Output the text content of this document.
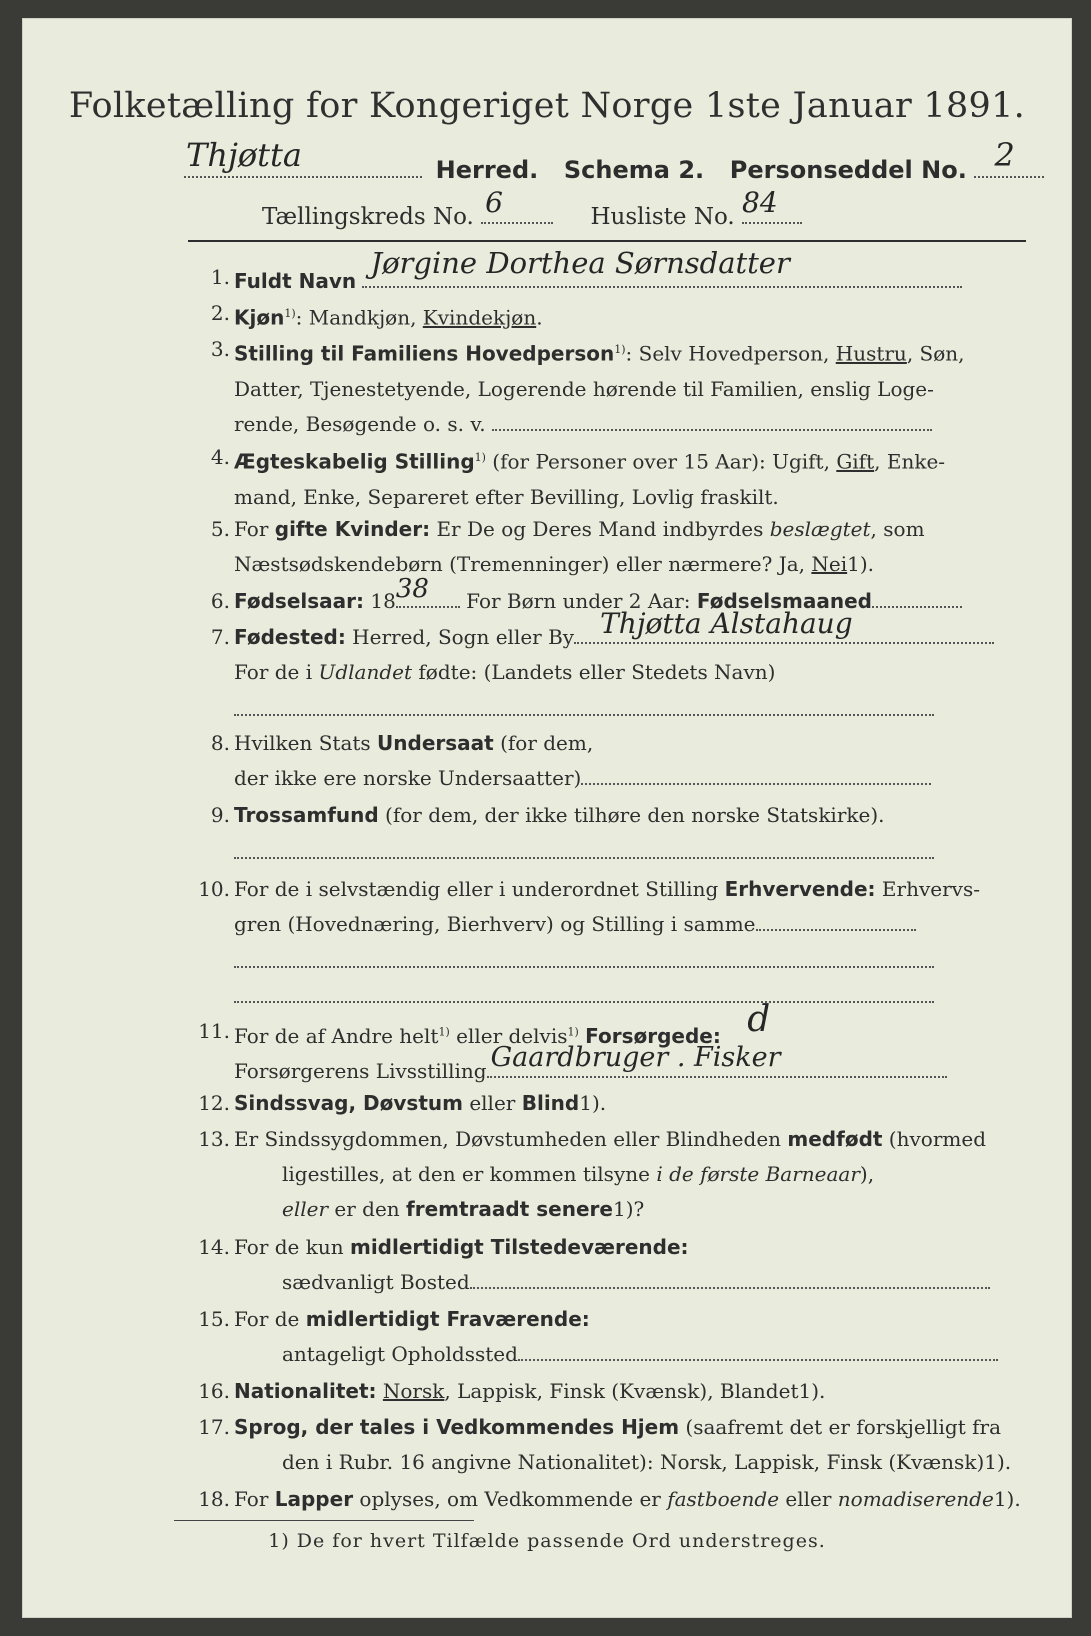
Folketælling for Kongeriget Norge 1ste Januar 1891.
Thjøtta	Herred. Schema 2. Personseddel No. 2
Tællingskreds No. 6	Husliste No. 84
1. Fuldt Navn
Jørgine Dorthea Sørnsdatter
2. Kjøn$^{1)}$: Mandkjøn, Kvindekjøn.
3. Stilling til Familiens Hovedperson$^{1)}$: Selv Hovedperson, Hustru, Søn,
Datter, Tjenestetyende, Logerende hørende til Familien, enslig Loge-
rende, Besøgende o. s. v.
4. Ægteskabelig Stilling$^{1)}$ (for Personer over 15 Aar): Ugift, Gift, Enke-
mand, Enke, Separeret efter Bevilling, Lovlig fraskilt.
5. For gifte Kvinder: Er De og Deres Mand indbyrdes beslægtet, som
Næstsødskendebørn (Tremenninger) eller nærmere? Ja, Nei1).
6. Fødselsaar: 18 38 For Børn under 2 Aar: Fødselsmaaned
7. Fødested: Herred, Sogn eller By Thjøtta Alstahaug
For de i Udlandet fødte: (Landets eller Stedets Navn)
8. Hvilken Stats Undersaat (for dem,
der ikke ere norske Undersaatter)
9. Trossamfund (for dem, der ikke tilhøre den norske Statskirke).
10. For de i selvstændig eller i underordnet Stilling Erhvervende: Erhvervs-
gren (Hovednæring, Bierhverv) og Stilling i samme
11. For de af Andre helt$^{1)}$ eller delvis$^{1)}$ Forsørgede: d
Forsørgerens Livsstilling Gaardbruger . Fisker
12. Sindssvag, Døvstum eller Blind1).
13. Er Sindssygdommen, Døvstumheden eller Blindheden medfødt (hvormed
ligestilles, at den er kommen tilsyne i de første Barneaar),
eller er den fremtraadt senere1)?
14. For de kun midlertidigt Tilstedeværende:
sædvanligt Bosted
15. For de midlertidigt Fraværende:
antageligt Opholdssted
16. Nationalitet: Norsk, Lappisk, Finsk (Kvænsk), Blandet1).
17. Sprog, der tales i Vedkommendes Hjem (saafremt det er forskjelligt fra
den i Rubr. 16 angivne Nationalitet): Norsk, Lappisk, Finsk (Kvænsk)1).
18. For Lapper oplyses, om Vedkommende er fastboende eller nomadiserende1).
1) De for hvert Tilfælde passende Ord understreges.
